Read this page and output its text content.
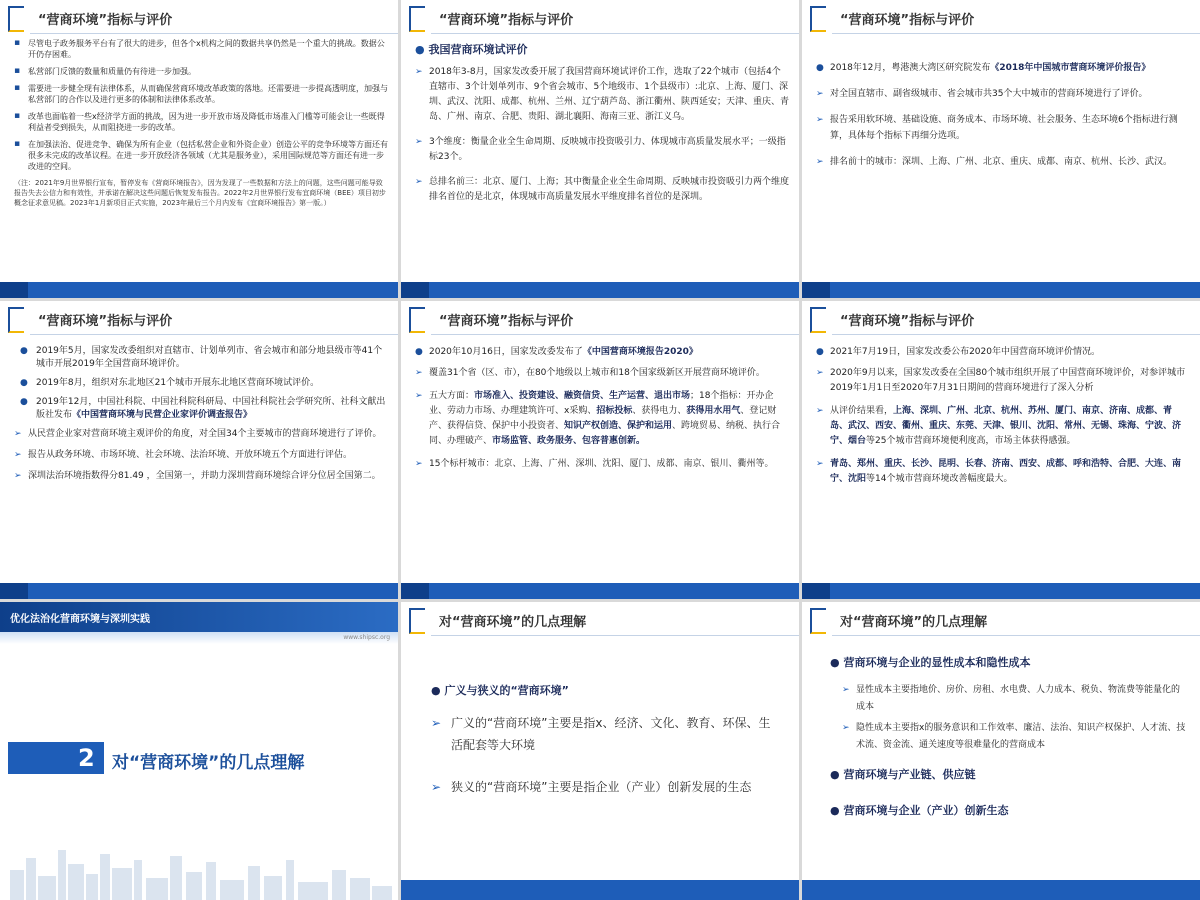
“营商环境”指标与评价
▪ 尽管电子政务服务平台有了很大的进步，但各个x机构之间的数据共享仍然是一个重大的挑战。数据公开仍存困难。
▪ 私营部门反馈的数量和质量仍有待进一步加强。
▪ 需要进一步健全现有法律体系，从而确保营商环境改革政策的落地。还需要进一步提高透明度，加强与私营部门的合作以及进行更多的体制和法律体系改革。
▪ 改革也面临着一些x经济学方面的挑战，因为进一步开放市场及降低市场准入门槛等可能会让一些既得利益者受到损失，从而阻挠进一步的改革。
▪ 在加强法治、促进竞争、确保为所有企业（包括私营企业和外资企业）创造公平的竞争环境等方面还有很多未完成的改革议程。在进一步开放经济各领域（尤其是服务业），采用国际规范等方面还有进一步改进的空间。
（注：2021年9月世界银行宣布，暂停发布《营商环境报告》，因为发现了一些数据和方法上的问题，这些问题可能导致报告失去公信力和有效性，并承诺在解决这些问题后恢复发布报告。2022年2月世界银行发布宜商环境（BEE）项目初步概念征求意见稿。2023年1月新项目正式实施，2023年最后三个月内发布《宜商环境报告》第一版。）
“营商环境”指标与评价
● 我国营商环境试评价
➢ 2018年3-8月，国家发改委开展了我国营商环境试评价工作，选取了22个城市（包括4个直辖市、3个计划单列市、9个省会城市、5个地级市、1个县级市）:北京、上海、厦门、深圳、武汉、沈阳、成都、杭州、兰州、辽宁葫芦岛、浙江衢州、陕西延安；天津、重庆、青岛、广州、南京、合肥、贵阳、湖北襄阳、海南三亚、浙江义乌。
➢ 3个维度：衡量企业全生命周期、反映城市投资吸引力、体现城市高质量发展水平；一级指标23个。
➢ 总排名前三：北京、厦门、上海；其中衡量企业全生命周期、反映城市投资吸引力两个维度排名首位的是北京，体现城市高质量发展水平维度排名首位的是深圳。
“营商环境”指标与评价
● 2018年12月，粤港澳大湾区研究院发布《2018年中国城市营商环境评价报告》
➢ 对全国直辖市、副省级城市、省会城市共35个大中城市的营商环境进行了评价。
➢ 报告采用软环境、基础设施、商务成本、市场环境、社会服务、生态环境6个指标进行测算，具体每个指标下再细分选项。
➢ 排名前十的城市：深圳、上海、广州、北京、重庆、成都、南京、杭州、长沙、武汉。
“营商环境”指标与评价
● 2019年5月，国家发改委组织对直辖市、计划单列市、省会城市和部分地县级市等41个城市开展2019年全国营商环境评价。
● 2019年8月，组织对东北地区21个城市开展东北地区营商环境试评价。
● 2019年12月，中国社科院、中国社科院科研局、中国社科院社会学研究所、社科文献出版社发布《中国营商环境与民营企业家评价调查报告》
➢ 从民营企业家对营商环境主观评价的角度，对全国34个主要城市的营商环境进行了评价。
➢ 报告从政务环境、市场环境、社会环境、法治环境、开放环境五个方面进行评估。
➢ 深圳法治环境指数得分81.49 ，全国第一，并助力深圳营商环境综合评分位居全国第二。
“营商环境”指标与评价
● 2020年10月16日，国家发改委发布了《中国营商环境报告2020》
➢ 覆盖31个省（区、市），在80个地级以上城市和18个国家级新区开展营商环境评价。
➢ 五大方面：市场准入、投资建设、融资信贷、生产运营、退出市场；18个指标：开办企业、劳动力市场、办理建筑许可、x采购、招标投标、获得电力、获得用水用气、登记财产、获得信贷、保护中小投资者、知识产权创造、保护和运用、跨境贸易、纳税、执行合同、办理破产、市场监管、政务服务、包容普惠创新。
➢ 15个标杆城市：北京、上海、广州、深圳、沈阳、厦门、成都、南京、银川、衢州等。
“营商环境”指标与评价
● 2021年7月19日，国家发改委公布2020年中国营商环境评价情况。
➢ 2020年9月以来，国家发改委在全国80个城市组织开展了中国营商环境评价，对参评城市2019年1月1日至2020年7月31日期间的营商环境进行了深入分析
➢ 从评价结果看，上海、深圳、广州、北京、杭州、苏州、厦门、南京、济南、成都、青岛、武汉、西安、衢州、重庆、东莞、天津、银川、沈阳、常州、无锡、珠海、宁波、济宁、烟台等25个城市营商环境便利度高，市场主体获得感强。
➢ 青岛、郑州、重庆、长沙、昆明、长春、济南、西安、成都、呼和浩特、合肥、大连、南宁、沈阳等14个城市营商环境改善幅度最大。
优化法治化营商环境与深圳实践
www.shipsc.org
2 对“营商环境”的几点理解
对“营商环境”的几点理解
● 广义与狭义的“营商环境”
➢ 广义的“营商环境”主要是指x、经济、文化、教育、环保、生活配套等大环境
➢ 狭义的“营商环境”主要是指企业（产业）创新发展的生态
对“营商环境”的几点理解
● 营商环境与企业的显性成本和隐性成本
➢ 显性成本主要指地价、房价、房租、水电费、人力成本、税负、物流费等能量化的成本
➢ 隐性成本主要指x的服务意识和工作效率、廉洁、法治、知识产权保护、人才流、技术流、资金流、通关速度等很难量化的营商成本
● 营商环境与产业链、供应链
● 营商环境与企业（产业）创新生态
